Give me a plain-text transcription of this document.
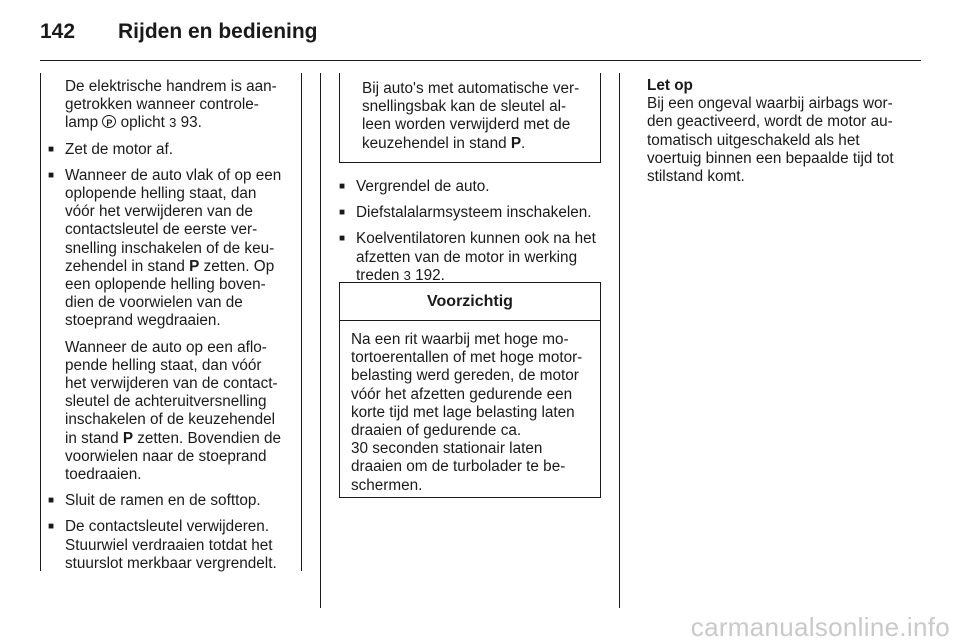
142 Rijden en bediening

De elektrische handrem is aan-

getrokken wanneer controle-

lamp P oplicht 3 93.

■ Zet de motor af.

■ Wanneer de auto vlak of op een

oplopende helling staat, dan

vóór het verwijderen van de

contactsleutel de eerste ver-

snelling inschakelen of de keu-

zehendel in stand P zetten. Op

een oplopende helling boven-

dien de voorwielen van de

stoeprand wegdraaien.

Wanneer de auto op een aflo-

pende helling staat, dan vóór

het verwijderen van de contact-

sleutel de achteruitversnelling

inschakelen of de keuzehendel

in stand P zetten. Bovendien de

voorwielen naar de stoeprand

toedraaien.

■ Sluit de ramen en de softtop.

■ De contactsleutel verwijderen.

Stuurwiel verdraaien totdat het

stuurslot merkbaar vergrendelt.

Bij auto's met automatische ver-

snellingsbak kan de sleutel al-

leen worden verwijderd met de

keuzehendel in stand P.

■ Vergrendel de auto.

■ Diefstalalarmsysteem inschakelen.

■ Koelventilatoren kunnen ook na het

afzetten van de motor in werking

treden 3 192.

Voorzichtig

Na een rit waarbij met hoge mo-

tortoerentallen of met hoge motor-

belasting werd gereden, de motor

vóór het afzetten gedurende een

korte tijd met lage belasting laten

draaien of gedurende ca.

30 seconden stationair laten

draaien om de turbolader te be-

schermen.

Let op

Bij een ongeval waarbij airbags wor-

den geactiveerd, wordt de motor au-

tomatisch uitgeschakeld als het

voertuig binnen een bepaalde tijd tot

stilstand komt.

carmanualsonline.info
